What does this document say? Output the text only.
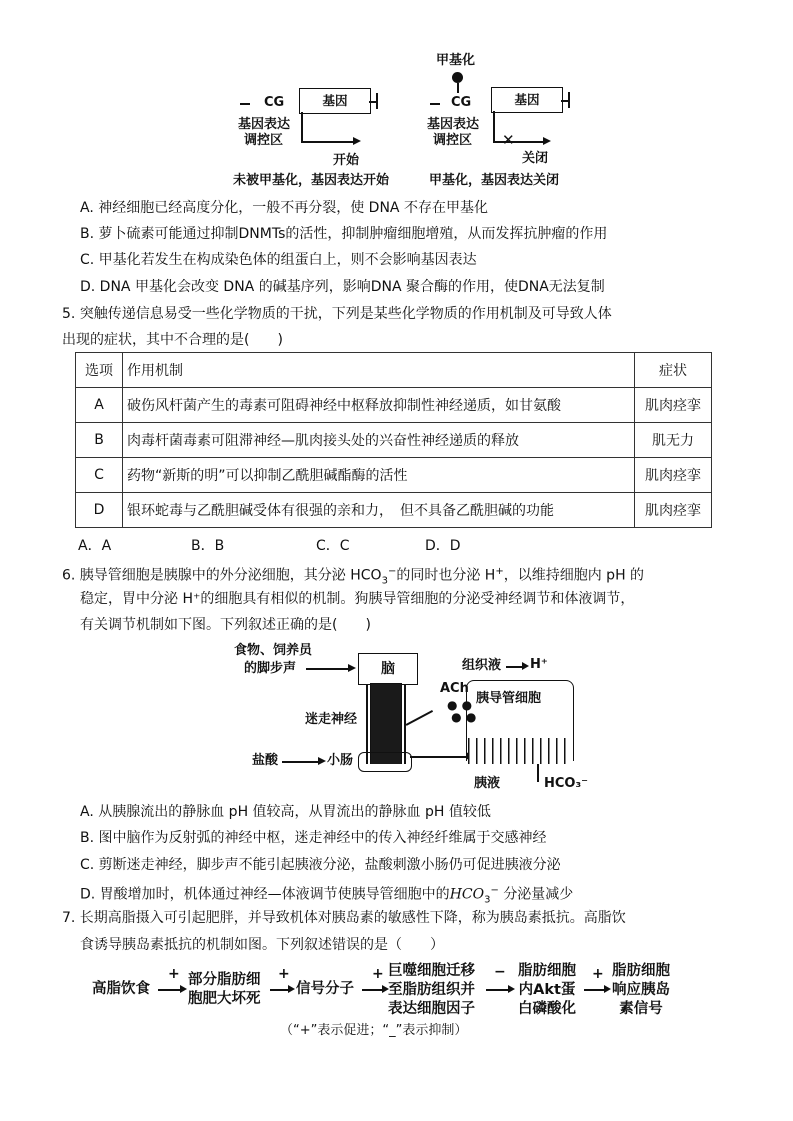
CG	基因
基因表达
调控区
开始
未被甲基化，基因表达开始
甲基化
CG	基因
✕
基因表达
调控区
关闭
甲基化，基因表达关闭
A. 神经细胞已经高度分化，一般不再分裂，使 DNA 不存在甲基化
B. 萝卜硫素可能通过抑制DNMTs的活性，抑制肿瘤细胞增殖，从而发挥抗肿瘤的作用
C. 甲基化若发生在构成染色体的组蛋白上，则不会影响基因表达
D. DNA 甲基化会改变 DNA 的碱基序列，影响DNA 聚合酶的作用，使DNA无法复制
5. 突触传递信息易受一些化学物质的干扰，下列是某些化学物质的作用机制及可导致人体
出现的症状，其中不合理的是(　　)
选项	作用机制	症状
A	破伤风杆菌产生的毒素可阻碍神经中枢释放抑制性神经递质，如甘氨酸	肌肉痉挛
B	肉毒杆菌毒素可阻滞神经—肌肉接头处的兴奋性神经递质的释放	肌无力
C	药物“新斯的明”可以抑制乙酰胆碱酯酶的活性	肌肉痉挛
D	银环蛇毒与乙酰胆碱受体有很强的亲和力，　但不具备乙酰胆碱的功能	肌肉痉挛
A．A	B．B	C．C	D．D
6. 胰导管细胞是胰腺中的外分泌细胞，其分泌 $HCO_3^-$的同时也分泌 H+，以维持细胞内 pH 的
稳定，胃中分泌 H⁺的细胞具有相似的机制。狗胰导管细胞的分泌受神经调节和体液调节，
有关调节机制如下图。下列叙述正确的是(　　)
食物、饲养员
的脚步声	脑
迷走神经
盐酸	小肠
ACh
● ●
● ●
组织液 H⁺
胰导管细胞
胰液	HCO₃⁻
A. 从胰腺流出的静脉血 pH 值较高，从胃流出的静脉血 pH 值较低
B. 图中脑作为反射弧的神经中枢，迷走神经中的传入神经纤维属于交感神经
C. 剪断迷走神经，脚步声不能引起胰液分泌，盐酸刺激小肠仍可促进胰液分泌
D. 胃酸增加时，机体通过神经—体液调节使胰导管细胞中的$HCO_3^-$ 分泌量减少
7. 长期高脂摄入可引起肥胖，并导致机体对胰岛素的敏感性下降，称为胰岛素抵抗。高脂饮
食诱导胰岛素抵抗的机制如图。下列叙述错误的是（　　）
高脂饮食
+ 部分脂肪细
胞肥大坏死
+
信号分子
+ 巨噬细胞迁移
至脂肪组织并
表达细胞因子
− 脂肪细胞
内Akt蛋
白磷酸化
+ 脂肪细胞
响应胰岛
素信号
（“+”表示促进；“_”表示抑制）
